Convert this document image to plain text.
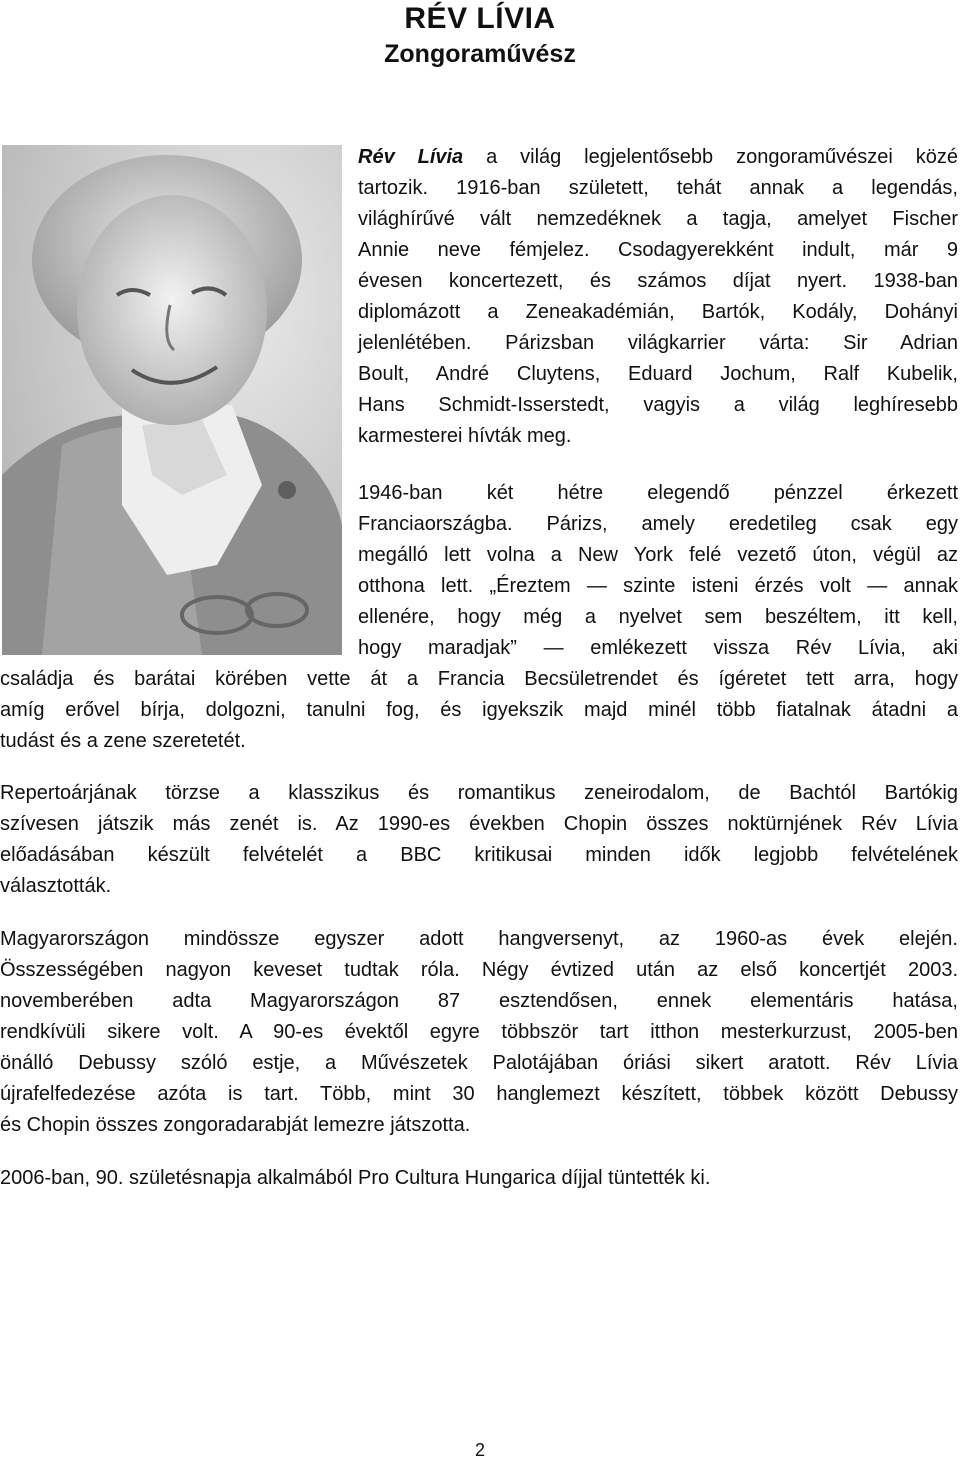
RÉV LÍVIA
Zongoraművész
Rév Lívia a világ legjelentősebb zongoraművészei közé
tartozik. 1916-ban született, tehát annak a legendás,
világhírűvé vált nemzedéknek a tagja, amelyet Fischer
Annie neve fémjelez. Csodagyerekként indult, már 9
évesen koncertezett, és számos díjat nyert. 1938-ban
diplomázott a Zeneakadémián, Bartók, Kodály, Dohányi
jelenlétében. Párizsban világkarrier várta: Sir Adrian
Boult, André Cluytens, Eduard Jochum, Ralf Kubelik,
Hans Schmidt-Isserstedt, vagyis a világ leghíresebb
karmesterei hívták meg.
1946-ban két hétre elegendő pénzzel érkezett
Franciaországba. Párizs, amely eredetileg csak egy
megálló lett volna a New York felé vezető úton, végül az
otthona lett. „Éreztem — szinte isteni érzés volt — annak
ellenére, hogy még a nyelvet sem beszéltem, itt kell,
hogy maradjak” — emlékezett vissza Rév Lívia, aki
családja és barátai körében vette át a Francia Becsületrendet és ígéretet tett arra, hogy
amíg erővel bírja, dolgozni, tanulni fog, és igyekszik majd minél több fiatalnak átadni a
tudást és a zene szeretetét.
Repertoárjának törzse a klasszikus és romantikus zeneirodalom, de Bachtól Bartókig
szívesen játszik más zenét is. Az 1990-es években Chopin összes noktürnjének Rév Lívia
előadásában készült felvételét a BBC kritikusai minden idők legjobb felvételének
választották.
Magyarországon mindössze egyszer adott hangversenyt, az 1960-as évek elején.
Összességében nagyon keveset tudtak róla. Négy évtized után az első koncertjét 2003.
novemberében adta Magyarországon 87 esztendősen, ennek elementáris hatása,
rendkívüli sikere volt. A 90-es évektől egyre többször tart itthon mesterkurzust, 2005-ben
önálló Debussy szóló estje, a Művészetek Palotájában óriási sikert aratott. Rév Lívia
újrafelfedezése azóta is tart. Több, mint 30 hanglemezt készített, többek között Debussy
és Chopin összes zongoradarabját lemezre játszotta.
2006-ban, 90. születésnapja alkalmából Pro Cultura Hungarica díjjal tüntették ki.
2
